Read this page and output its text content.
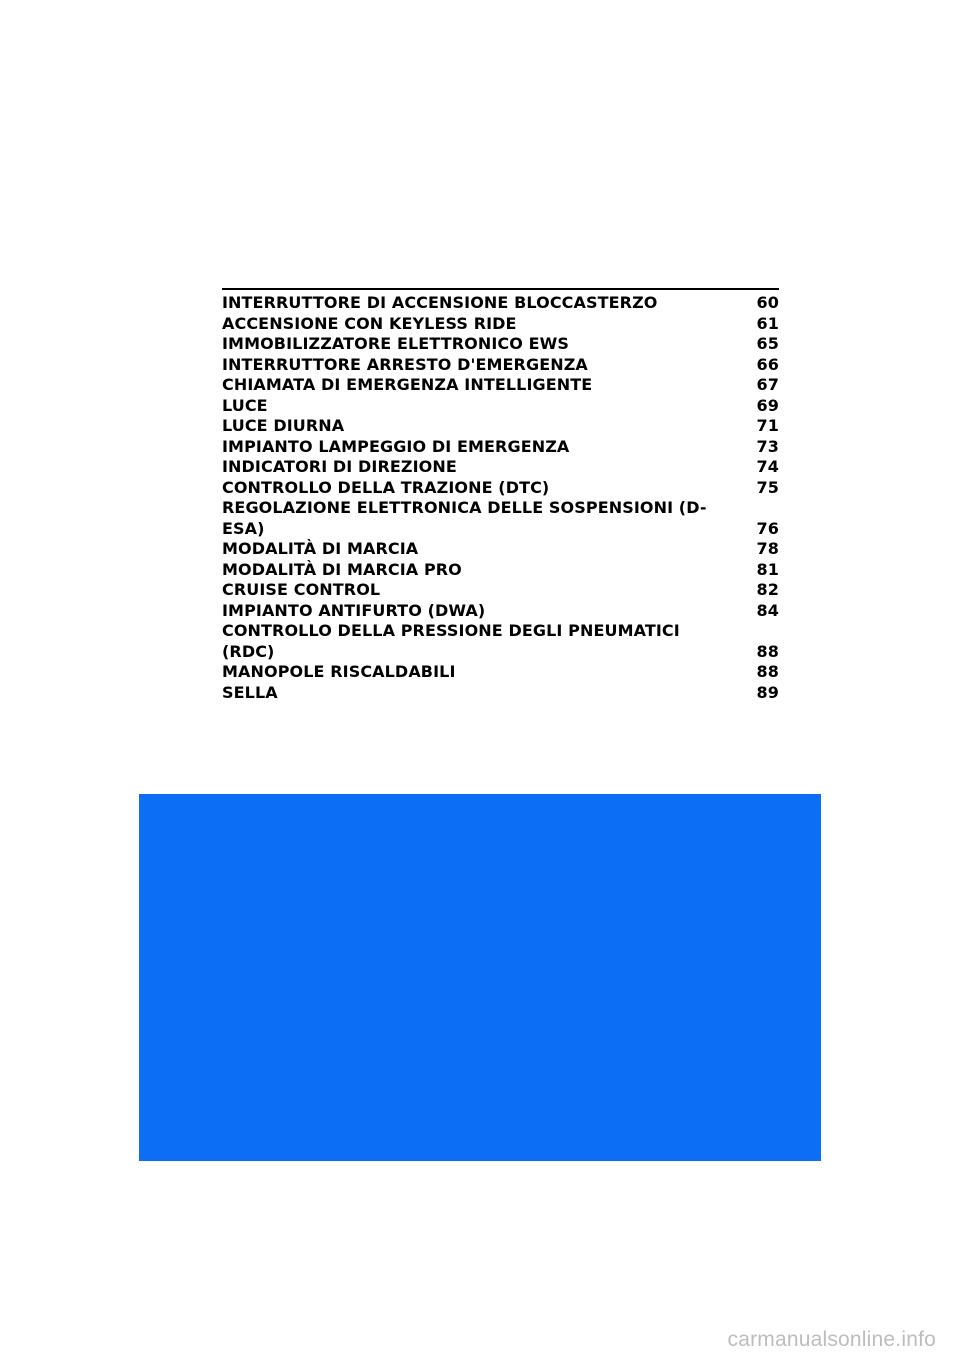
INTERRUTTORE DI ACCENSIONE BLOCCASTERZO	60
ACCENSIONE CON KEYLESS RIDE	61
IMMOBILIZZATORE ELETTRONICO EWS	65
INTERRUTTORE ARRESTO D'EMERGENZA	66
CHIAMATA DI EMERGENZA INTELLIGENTE	67
LUCE	69
LUCE DIURNA	71
IMPIANTO LAMPEGGIO DI EMERGENZA	73
INDICATORI DI DIREZIONE	74
CONTROLLO DELLA TRAZIONE (DTC)	75
REGOLAZIONE ELETTRONICA DELLE SOSPENSIONI (D-ESA)	76
MODALITÀ DI MARCIA	78
MODALITÀ DI MARCIA PRO	81
CRUISE CONTROL	82
IMPIANTO ANTIFURTO (DWA)	84
CONTROLLO DELLA PRESSIONE DEGLI PNEUMATICI (RDC)	88
MANOPOLE RISCALDABILI	88
SELLA	89
carmanualsonline.info
